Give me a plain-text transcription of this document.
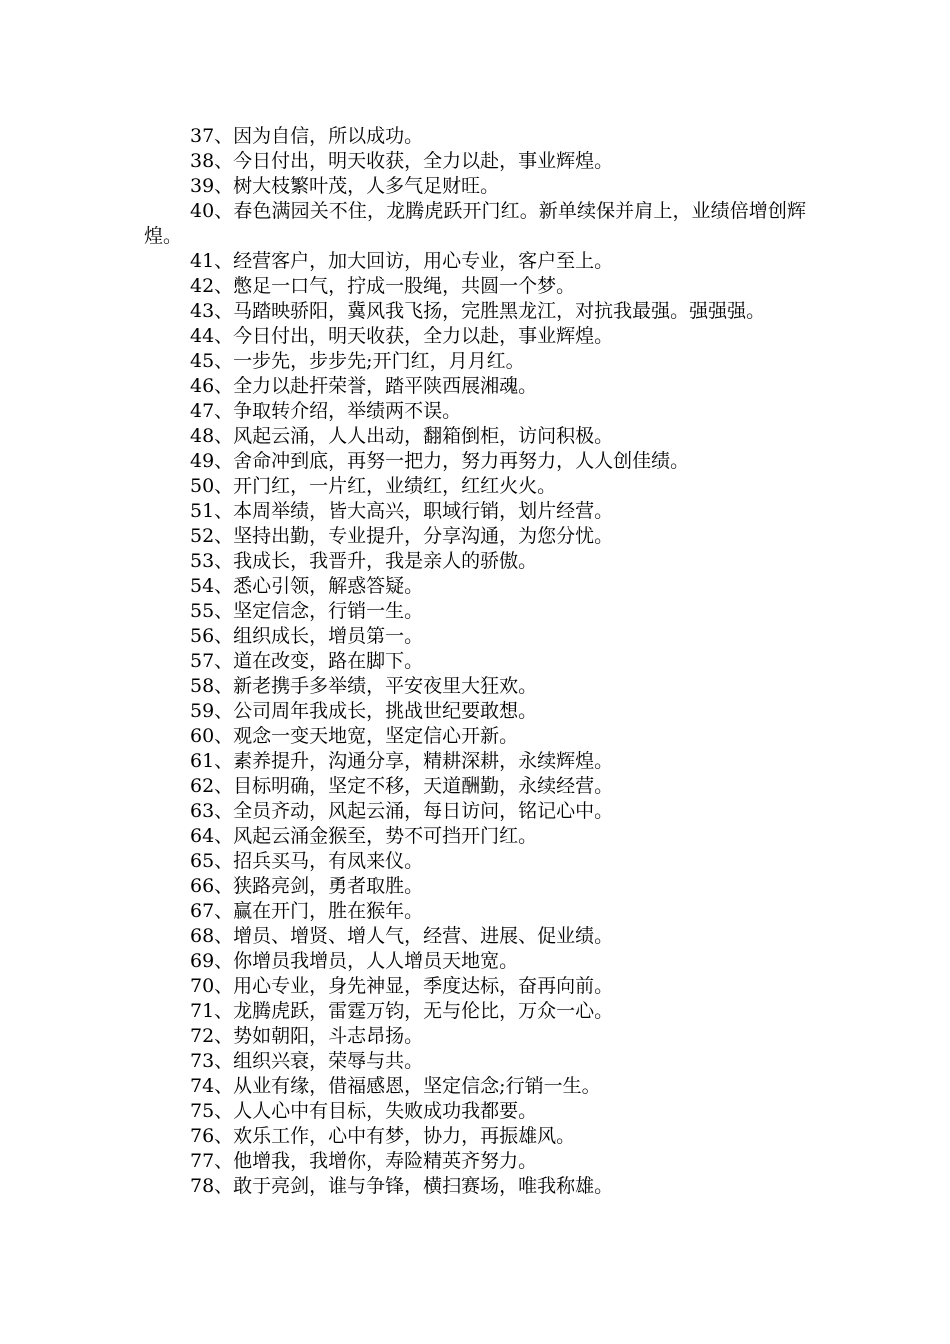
37、因为自信，所以成功。
38、今日付出，明天收获，全力以赴，事业辉煌。
39、树大枝繁叶茂，人多气足财旺。
40、春色满园关不住，龙腾虎跃开门红。新单续保并肩上，业绩倍增创辉煌。
41、经营客户，加大回访，用心专业，客户至上。
42、憋足一口气，拧成一股绳，共圆一个梦。
43、马踏映骄阳，冀风我飞扬，完胜黑龙江，对抗我最强。强强强。
44、今日付出，明天收获，全力以赴，事业辉煌。
45、一步先，步步先;开门红，月月红。
46、全力以赴扞荣誉，踏平陕西展湘魂。
47、争取转介绍，举绩两不误。
48、风起云涌，人人出动，翻箱倒柜，访问积极。
49、舍命冲到底，再努一把力，努力再努力，人人创佳绩。
50、开门红，一片红，业绩红，红红火火。
51、本周举绩，皆大高兴，职域行销，划片经营。
52、坚持出勤，专业提升，分享沟通，为您分忧。
53、我成长，我晋升，我是亲人的骄傲。
54、悉心引领，解惑答疑。
55、坚定信念，行销一生。
56、组织成长，增员第一。
57、道在改变，路在脚下。
58、新老携手多举绩，平安夜里大狂欢。
59、公司周年我成长，挑战世纪要敢想。
60、观念一变天地宽，坚定信心开新。
61、素养提升，沟通分享，精耕深耕，永续辉煌。
62、目标明确，坚定不移，天道酬勤，永续经营。
63、全员齐动，风起云涌，每日访问，铭记心中。
64、风起云涌金猴至，势不可挡开门红。
65、招兵买马，有凤来仪。
66、狭路亮剑，勇者取胜。
67、赢在开门，胜在猴年。
68、增员、增贤、增人气，经营、进展、促业绩。
69、你增员我增员，人人增员天地宽。
70、用心专业，身先神显，季度达标，奋再向前。
71、龙腾虎跃，雷霆万钧，无与伦比，万众一心。
72、势如朝阳，斗志昂扬。
73、组织兴衰，荣辱与共。
74、从业有缘，借福感恩，坚定信念;行销一生。
75、人人心中有目标，失败成功我都要。
76、欢乐工作，心中有梦，协力，再振雄风。
77、他增我，我增你，寿险精英齐努力。
78、敢于亮剑，谁与争锋，横扫赛场，唯我称雄。
